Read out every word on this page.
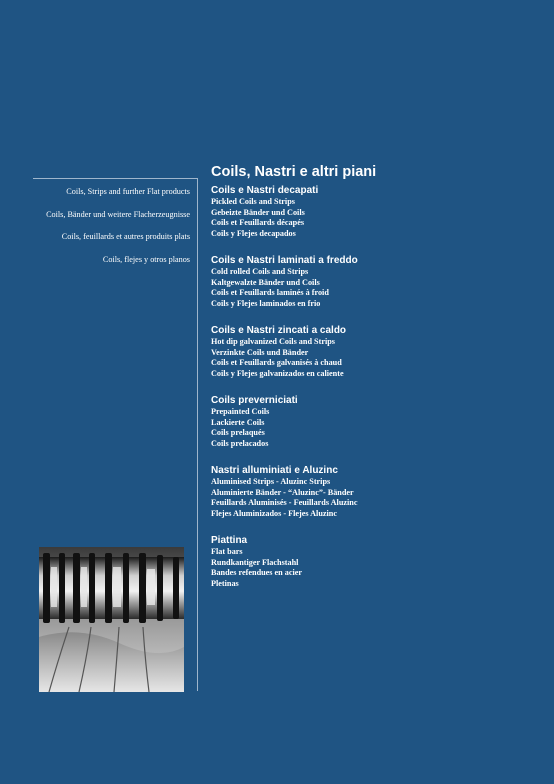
Coils, Nastri e altri piani
Coils, Strips and further Flat products
Coils, Bänder und weitere Flacherzeugnisse
Coils, feuillards et autres produits plats
Coils, flejes y otros planos
Coils e Nastri decapati
Pickled Coils and Strips
Gebeizte Bänder und Coils
Coils et Feuillards décapés
Coils y Flejes decapados
Coils e Nastri laminati a freddo
Cold rolled Coils and Strips
Kaltgewalzte Bänder und Coils
Coils et Feuillards laminés à froid
Coils y Flejes laminados en frio
Coils e Nastri zincati a caldo
Hot dip galvanized Coils and Strips
Verzinkte Coils und Bänder
Coils et Feuillards galvanisés à chaud
Coils y Flejes galvanizados en caliente
Coils preverniciati
Prepainted Coils
Lackierte Coils
Coils prelaqués
Coils prelacados
Nastri alluminiati e Aluzinc
Aluminised Strips - Aluzinc Strips
Aluminierte Bänder - “Aluzinc”- Bänder
Feuillards Aluminisés - Feuillards Aluzinc
Flejes Aluminizados - Flejes Aluzinc
Piattina
Flat bars
Rundkantiger Flachstahl
Bandes refendues en acier
Pletinas
